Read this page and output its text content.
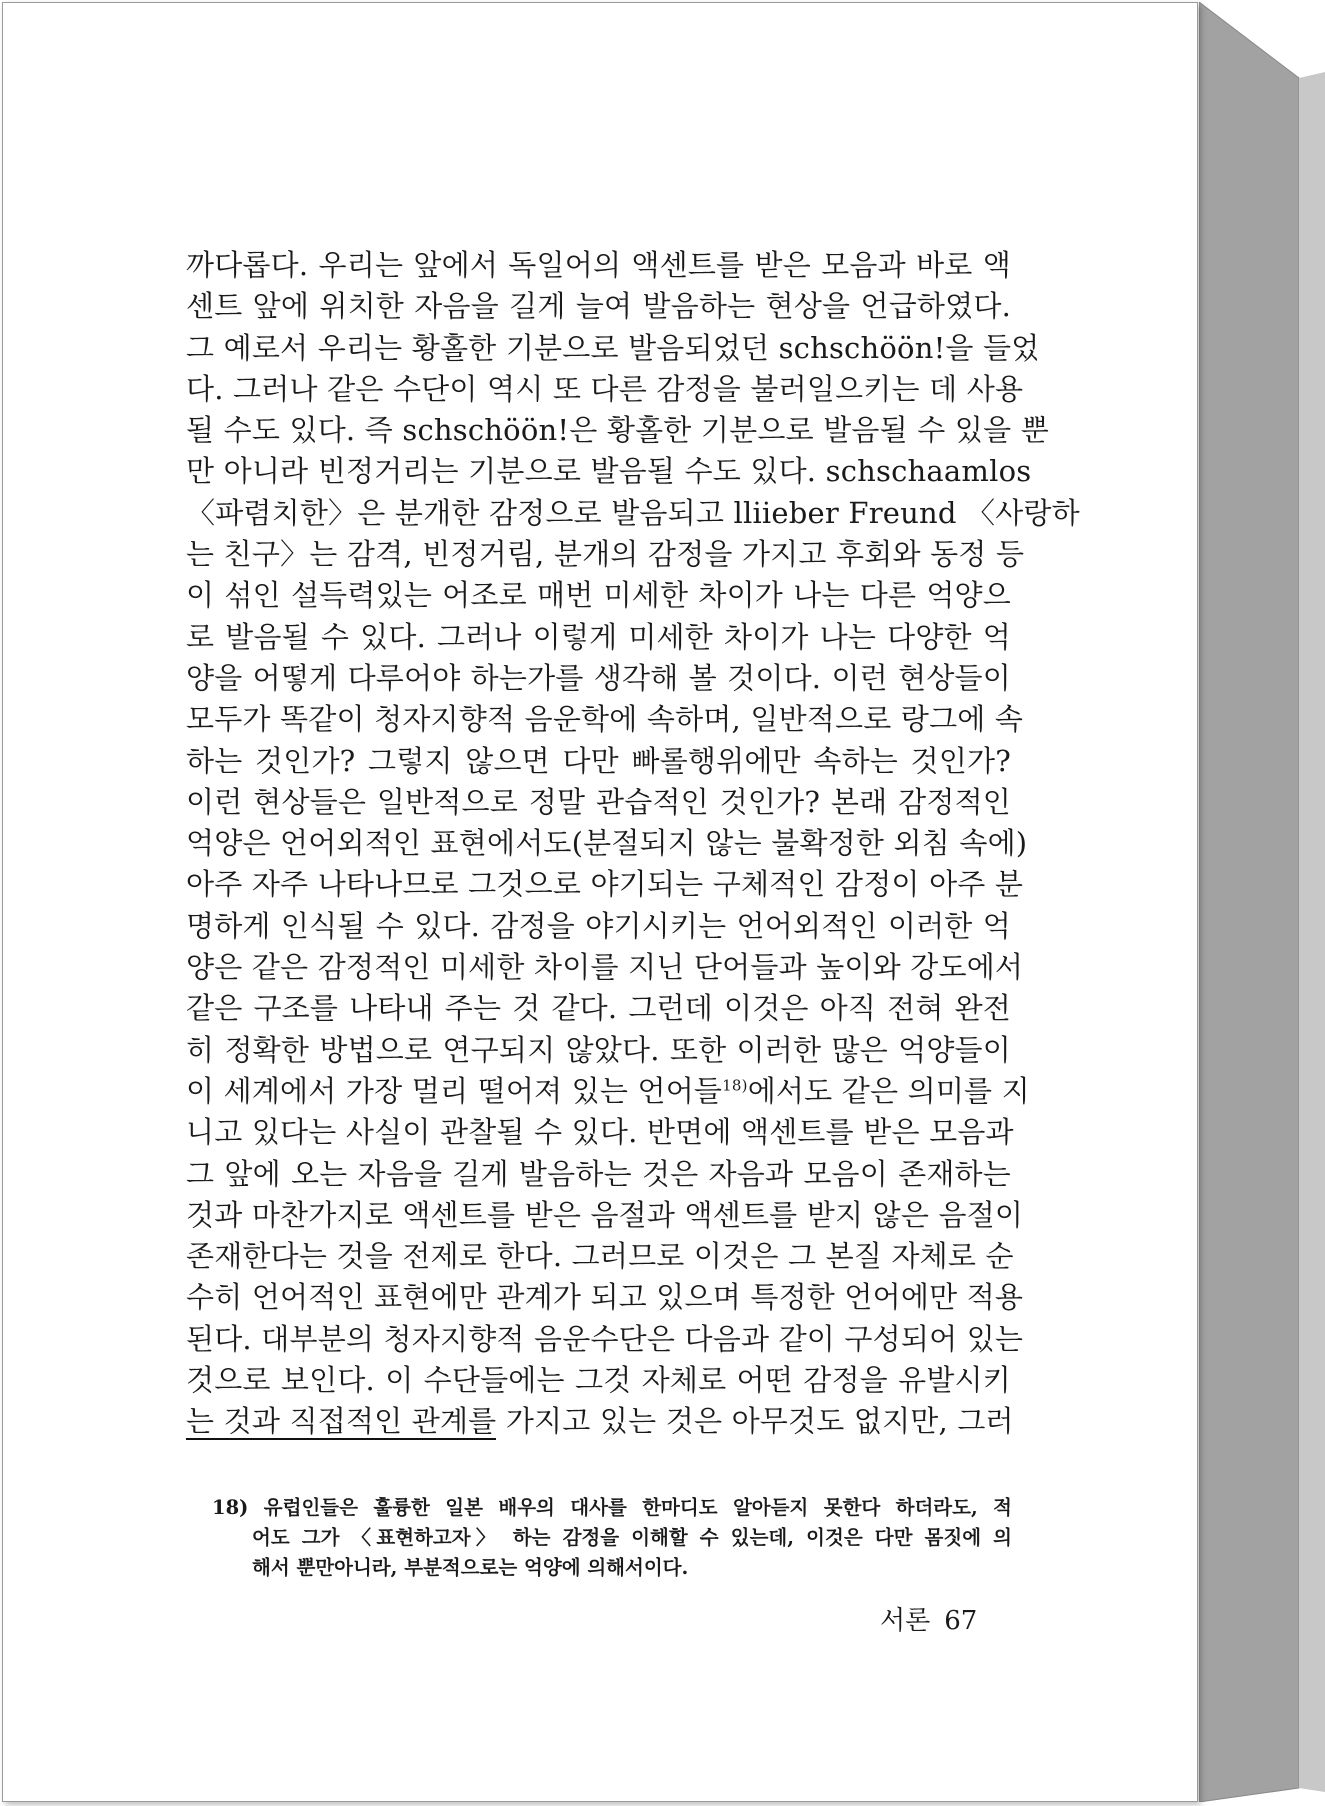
까다롭다. 우리는 앞에서 독일어의 액센트를 받은 모음과 바로 액
센트 앞에 위치한 자음을 길게 늘여 발음하는 현상을 언급하였다.
그 예로서 우리는 황홀한 기분으로 발음되었던 schschöön!을 들었
다. 그러나 같은 수단이 역시 또 다른 감정을 불러일으키는 데 사용
될 수도 있다. 즉 schschöön!은 황홀한 기분으로 발음될 수 있을 뿐
만 아니라 빈정거리는 기분으로 발음될 수도 있다. schschaamlos
〈파렴치한〉은 분개한 감정으로 발음되고 lliieber Freund 〈사랑하
는 친구〉는 감격, 빈정거림, 분개의 감정을 가지고 후회와 동정 등
이 섞인 설득력있는 어조로 매번 미세한 차이가 나는 다른 억양으
로 발음될 수 있다. 그러나 이렇게 미세한 차이가 나는 다양한 억
양을 어떻게 다루어야 하는가를 생각해 볼 것이다. 이런 현상들이
모두가 똑같이 청자지향적 음운학에 속하며, 일반적으로 랑그에 속
하는 것인가? 그렇지 않으면 다만 빠롤행위에만 속하는 것인가?
이런 현상들은 일반적으로 정말 관습적인 것인가? 본래 감정적인
억양은 언어외적인 표현에서도(분절되지 않는 불확정한 외침 속에)
아주 자주 나타나므로 그것으로 야기되는 구체적인 감정이 아주 분
명하게 인식될 수 있다. 감정을 야기시키는 언어외적인 이러한 억
양은 같은 감정적인 미세한 차이를 지닌 단어들과 높이와 강도에서
같은 구조를 나타내 주는 것 같다. 그런데 이것은 아직 전혀 완전
히 정확한 방법으로 연구되지 않았다. 또한 이러한 많은 억양들이
이 세계에서 가장 멀리 떨어져 있는 언어들$^{18)}$에서도 같은 의미를 지
니고 있다는 사실이 관찰될 수 있다. 반면에 액센트를 받은 모음과
그 앞에 오는 자음을 길게 발음하는 것은 자음과 모음이 존재하는
것과 마찬가지로 액센트를 받은 음절과 액센트를 받지 않은 음절이
존재한다는 것을 전제로 한다. 그러므로 이것은 그 본질 자체로 순
수히 언어적인 표현에만 관계가 되고 있으며 특정한 언어에만 적용
된다. 대부분의 청자지향적 음운수단은 다음과 같이 구성되어 있는
것으로 보인다. 이 수단들에는 그것 자체로 어떤 감정을 유발시키
는 것과 직접적인 관계를 가지고 있는 것은 아무것도 없지만, 그러
18) 유럽인들은 훌륭한 일본 배우의 대사를 한마디도 알아듣지 못한다 하더라도, 적
어도 그가 〈표현하고자〉 하는 감정을 이해할 수 있는데, 이것은 다만 몸짓에 의
해서 뿐만아니라, 부분적으로는 억양에 의해서이다.
서론 67
